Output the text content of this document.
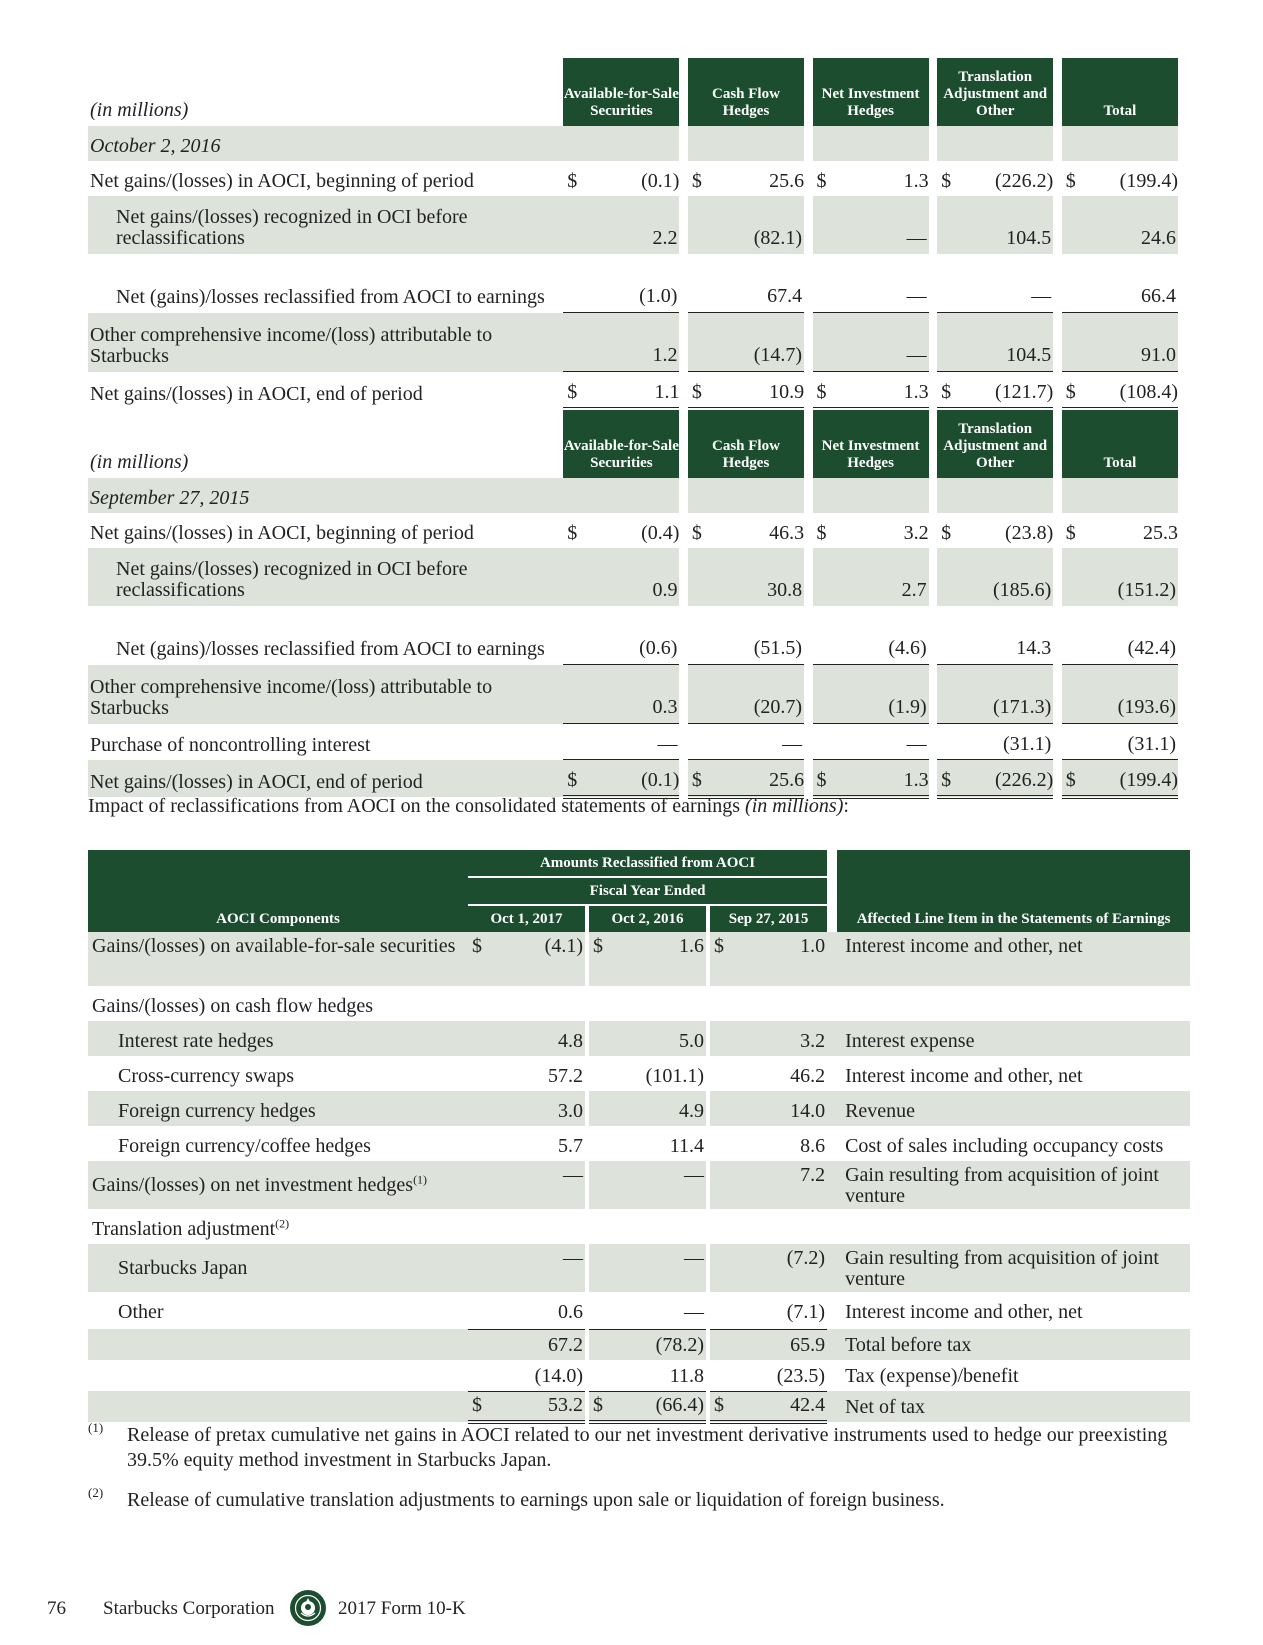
(in millions)	Available-for-Sale Securities		Cash Flow Hedges		Net Investment Hedges		Translation Adjustment and Other		Total
October 2, 2016									
Net gains/(losses) in AOCI, beginning of period	$ (0.1)		$ 25.6		$ 1.3		$ (226.2)		$ (199.4)

Net gains/(losses) recognized in OCI before reclassifications	2.2		(82.1)		—		104.5		24.6
Net (gains)/losses reclassified from AOCI to earnings	(1.0)		67.4		—		—		66.4
Other comprehensive income/(loss) attributable to Starbucks	1.2		(14.7)		—		104.5		91.0
Net gains/(losses) in AOCI, end of period	$ 1.1		$ 10.9		$ 1.3		$ (121.7)		$ (108.4)
(in millions)	Available-for-Sale Securities		Cash Flow Hedges		Net Investment Hedges		Translation Adjustment and Other		Total
September 27, 2015									
Net gains/(losses) in AOCI, beginning of period	$ (0.4)		$ 46.3		$ 3.2		$ (23.8)		$ 25.3

Net gains/(losses) recognized in OCI before reclassifications	0.9		30.8		2.7		(185.6)		(151.2)
Net (gains)/losses reclassified from AOCI to earnings	(0.6)		(51.5)		(4.6)		14.3		(42.4)
Other comprehensive income/(loss) attributable to Starbucks	0.3		(20.7)		(1.9)		(171.3)		(193.6)
Purchase of noncontrolling interest	—		—		—		(31.1)		(31.1)
Net gains/(losses) in AOCI, end of period	$ (0.1)		$ 25.6		$ 1.3		$ (226.2)		$ (199.4)
Impact of reclassifications from AOCI on the consolidated statements of earnings (in millions):
AOCI Components	Amounts Reclassified from AOCI						Affected Line Item in the Statements of Earnings
	Fiscal Year Ended						
	Oct 1, 2017		Oct 2, 2016		Sep 27, 2015		
Gains/(losses) on available-for-sale securities	$ (4.1)		$ 1.6		$ 1.0		Interest income and other, net
Gains/(losses) on cash flow hedges							
Interest rate hedges	4.8		5.0		3.2		Interest expense
Cross-currency swaps	57.2		(101.1)		46.2		Interest income and other, net
Foreign currency hedges	3.0		4.9		14.0		Revenue
Foreign currency/coffee hedges	5.7		11.4		8.6		Cost of sales including occupancy costs
Gains/(losses) on net investment hedges$^{(1)}$	—		—		7.2		Gain resulting from acquisition of joint venture
Translation adjustment$^{(2)}$							
Starbucks Japan	—		—		(7.2)		Gain resulting from acquisition of joint venture
Other	0.6		—		(7.1)		Interest income and other, net
	67.2		(78.2)		65.9		Total before tax
	(14.0)		11.8		(23.5)		Tax (expense)/benefit

	$ 53.2		$ (66.4)		$ 42.4		Net of tax
(1) Release of pretax cumulative net gains in AOCI related to our net investment derivative instruments used to hedge our preexisting 39.5% equity method investment in Starbucks Japan.
(2) Release of cumulative translation adjustments to earnings upon sale or liquidation of foreign business.
76 Starbucks Corporation	2017 Form 10-K
